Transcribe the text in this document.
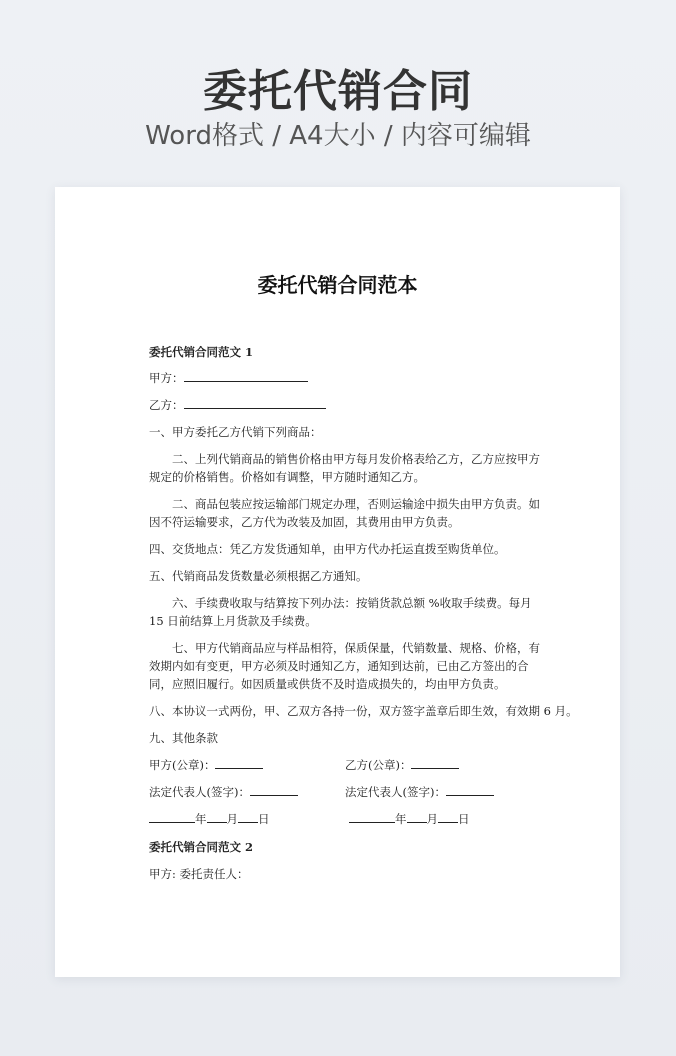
委托代销合同
Word格式 / A4大小 / 内容可编辑
委托代销合同范本
委托代销合同范文 1
甲方：
乙方：
一、甲方委托乙方代销下列商品：
二、上列代销商品的销售价格由甲方每月发价格表给乙方，乙方应按甲方规定的价格销售。价格如有调整，甲方随时通知乙方。
二、商品包装应按运输部门规定办理，否则运输途中损失由甲方负责。如因不符运输要求，乙方代为改装及加固，其费用由甲方负责。
四、交货地点：凭乙方发货通知单，由甲方代办托运直拨至购货单位。
五、代销商品发货数量必须根据乙方通知。
六、手续费收取与结算按下列办法：按销货款总额 %收取手续费。每月 15 日前结算上月货款及手续费。
七、甲方代销商品应与样品相符，保质保量，代销数量、规格、价格，有效期内如有变更，甲方必须及时通知乙方，通知到达前，已由乙方签出的合同，应照旧履行。如因质量或供货不及时造成损失的，均由甲方负责。
八、本协议一式两份，甲、乙双方各持一份，双方签字盖章后即生效，有效期 6 月。
九、其他条款
甲方(公章)：	乙方(公章)：
法定代表人(签字)：	法定代表人(签字)：
年 月 日	年 月 日
委托代销合同范文 2
甲方: 委托责任人：
